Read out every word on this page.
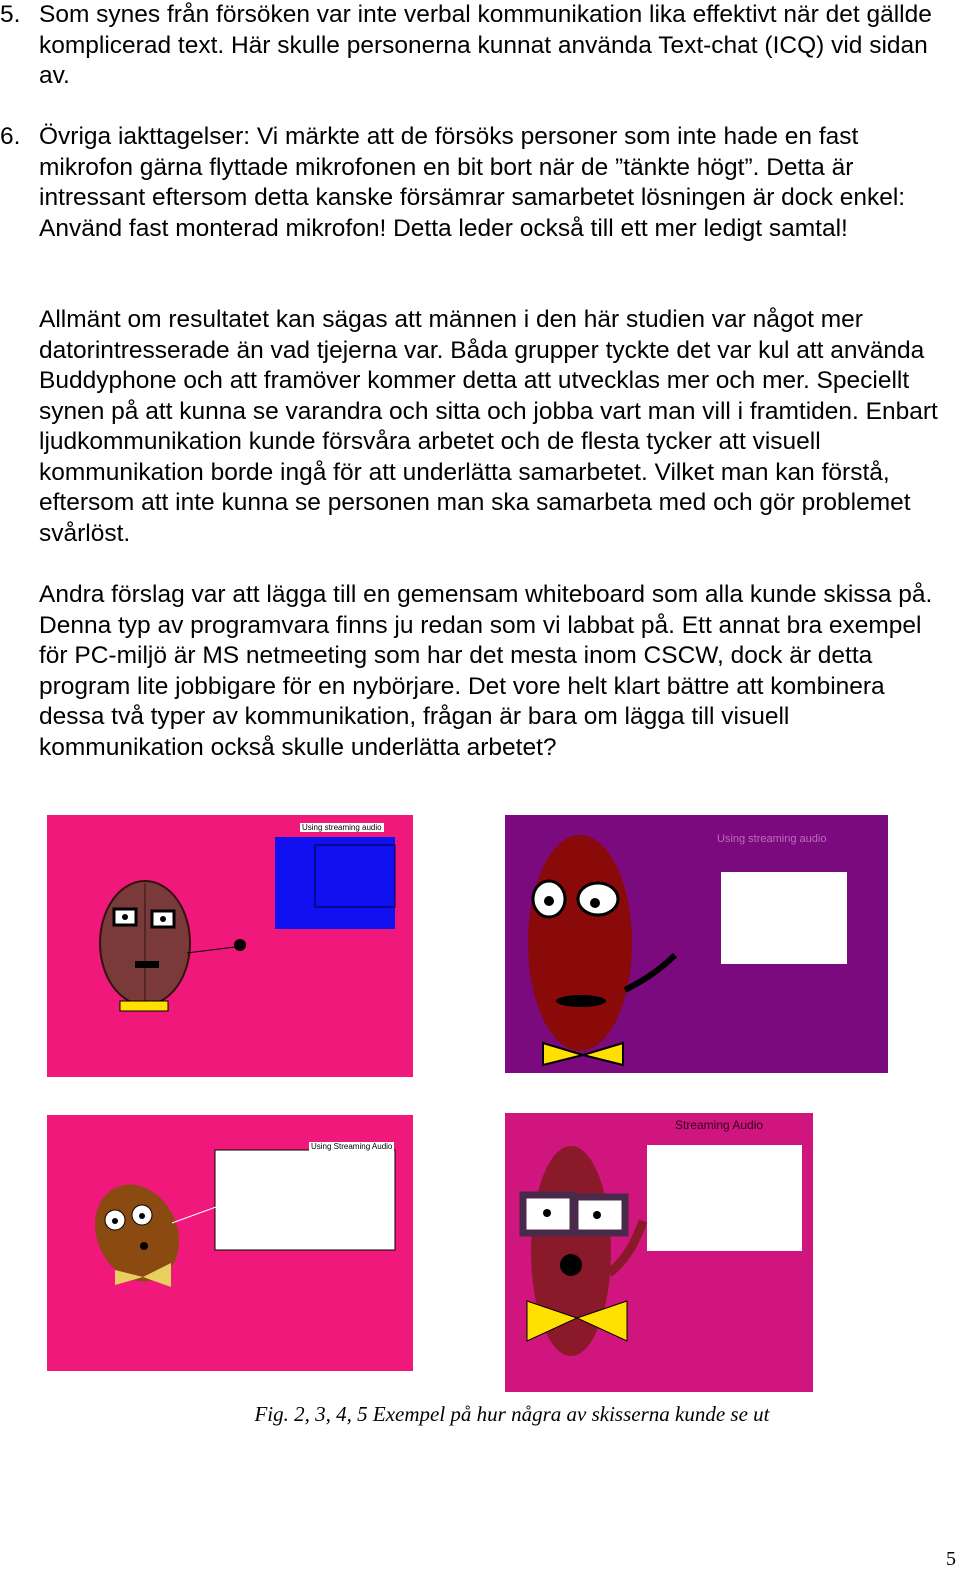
5. Som synes från försöken var inte verbal kommunikation lika effektivt när det gällde komplicerad text. Här skulle personerna kunnat använda Text-chat (ICQ) vid sidan av.

6. Övriga iakttagelser: Vi märkte att de försöks personer som inte hade en fast mikrofon gärna flyttade mikrofonen en bit bort när de ”tänkte högt”. Detta är intressant eftersom detta kanske försämrar samarbetet lösningen är dock enkel: Använd fast monterad mikrofon! Detta leder också till ett mer ledigt samtal!

Allmänt om resultatet kan sägas att männen i den här studien var något mer datorintresserade än vad tjejerna var. Båda grupper tyckte det var kul att använda Buddyphone och att framöver kommer detta att utvecklas mer och mer. Speciellt synen på att kunna se varandra och sitta och jobba vart man vill i framtiden. Enbart ljudkommunikation kunde försvåra arbetet och de flesta tycker att visuell kommunikation borde ingå för att underlätta samarbetet. Vilket man kan förstå, eftersom att inte kunna se personen man ska samarbeta med och gör problemet svårlöst.

Andra förslag var att lägga till en gemensam whiteboard som alla kunde skissa på. Denna typ av programvara finns ju redan som vi labbat på. Ett annat bra exempel för PC-miljö är MS netmeeting som har det mesta inom CSCW, dock är detta program lite jobbigare för en nybörjare. Det vore helt klart bättre att kombinera dessa två typer av kommunikation, frågan är bara om lägga till visuell kommunikation också skulle underlätta arbetet?

Using streaming audio
Using streaming audio
Using Streaming Audio
Streaming Audio
Fig. 2, 3, 4, 5 Exempel på hur några av skisserna kunde se ut
5
